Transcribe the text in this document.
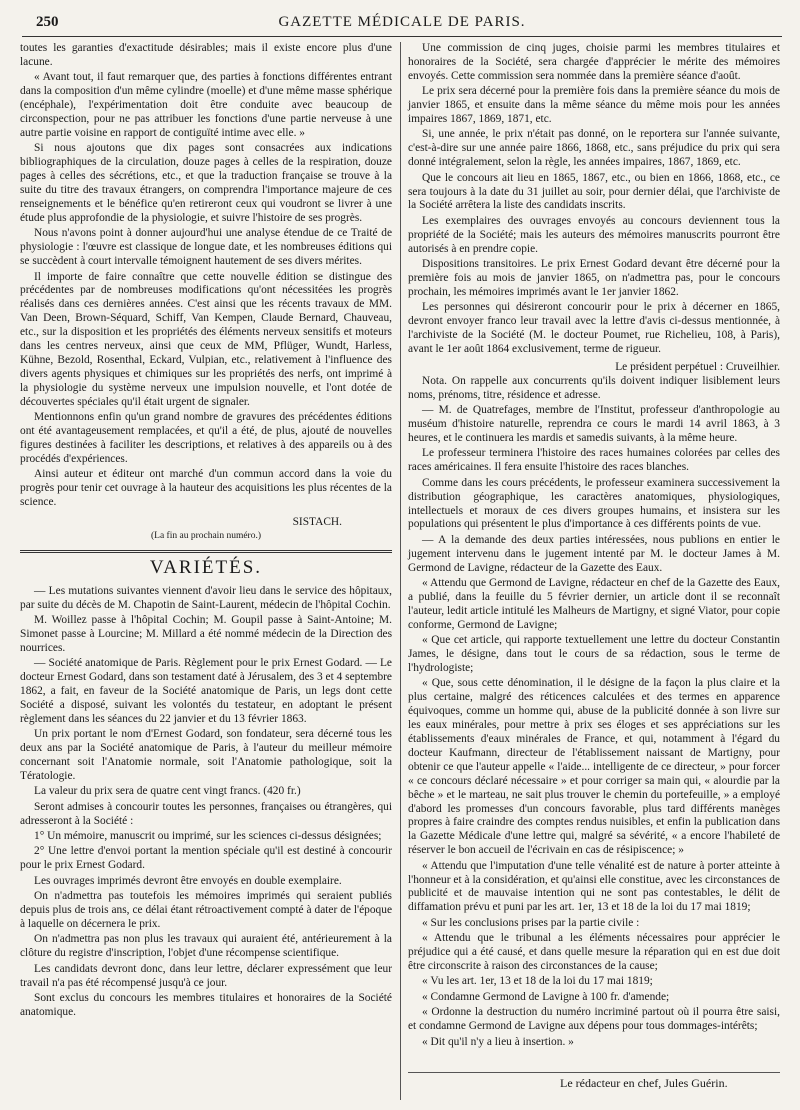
250	GAZETTE MÉDICALE DE PARIS.

toutes les garanties d'exactitude désirables; mais il existe encore plus d'une lacune.

« Avant tout, il faut remarquer que, des parties à fonctions différentes entrant dans la composition d'un même cylindre (moelle) et d'une même masse sphérique (encéphale), l'expérimentation doit être conduite avec beaucoup de circonspection, pour ne pas attribuer les fonctions d'une partie nerveuse à une autre partie voisine en rapport de contiguïté intime avec elle. »

Si nous ajoutons que dix pages sont consacrées aux indications bibliographiques de la circulation, douze pages à celles de la respiration, douze pages à celles des sécrétions, etc., et que la traduction française se trouve à la suite du titre des travaux étrangers, on comprendra l'importance majeure de ces renseignements et le bénéfice qu'en retireront ceux qui voudront se livrer à une étude plus approfondie de la physiologie, et suivre l'histoire de ses progrès.

Nous n'avons point à donner aujourd'hui une analyse étendue de ce Traité de physiologie : l'œuvre est classique de longue date, et les nombreuses éditions qui se succèdent à court intervalle témoignent hautement de ses divers mérites.

Il importe de faire connaître que cette nouvelle édition se distingue des précédentes par de nombreuses modifications qu'ont nécessitées les progrès réalisés dans ces dernières années. C'est ainsi que les récents travaux de MM. Van Deen, Brown-Séquard, Schiff, Van Kempen, Claude Bernard, Chauveau, etc., sur la disposition et les propriétés des éléments nerveux sensitifs et moteurs dans les centres nerveux, ainsi que ceux de MM, Pflüger, Wundt, Harless, Kühne, Bezold, Rosenthal, Eckard, Vulpian, etc., relativement à l'influence des divers agents physiques et chimiques sur les propriétés des nerfs, ont imprimé à la physiologie du système nerveux une impulsion nouvelle, et l'ont dotée de découvertes spéciales qu'il était urgent de signaler.

Mentionnons enfin qu'un grand nombre de gravures des précédentes éditions ont été avantageusement remplacées, et qu'il a été, de plus, ajouté de nouvelles figures destinées à faciliter les descriptions, et relatives à des appareils ou à des procédés d'expériences.

Ainsi auteur et éditeur ont marché d'un commun accord dans la voie du progrès pour tenir cet ouvrage à la hauteur des acquisitions les plus récentes de la science.

SISTACH.
(La fin au prochain numéro.)
VARIÉTÉS.

— Les mutations suivantes viennent d'avoir lieu dans le service des hôpitaux, par suite du décès de M. Chapotin de Saint-Laurent, médecin de l'hôpital Cochin.

M. Woillez passe à l'hôpital Cochin; M. Goupil passe à Saint-Antoine; M. Simonet passe à Lourcine; M. Millard a été nommé médecin de la Direction des nourrices.

— Société anatomique de Paris. Règlement pour le prix Ernest Godard. — Le docteur Ernest Godard, dans son testament daté à Jérusalem, des 3 et 4 septembre 1862, a fait, en faveur de la Société anatomique de Paris, un legs dont cette Société a disposé, suivant les volontés du testateur, en adoptant le présent règlement dans les séances du 22 janvier et du 13 février 1863.

Un prix portant le nom d'Ernest Godard, son fondateur, sera décerné tous les deux ans par la Société anatomique de Paris, à l'auteur du meilleur mémoire concernant soit l'Anatomie normale, soit l'Anatomie pathologique, soit la Tératologie.

La valeur du prix sera de quatre cent vingt francs. (420 fr.)

Seront admises à concourir toutes les personnes, françaises ou étrangères, qui adresseront à la Société :

1° Un mémoire, manuscrit ou imprimé, sur les sciences ci-dessus désignées;

2° Une lettre d'envoi portant la mention spéciale qu'il est destiné à concourir pour le prix Ernest Godard.

Les ouvrages imprimés devront être envoyés en double exemplaire.

On n'admettra pas toutefois les mémoires imprimés qui seraient publiés depuis plus de trois ans, ce délai étant rétroactivement compté à dater de l'époque à laquelle on décernera le prix.

On n'admettra pas non plus les travaux qui auraient été, antérieurement à la clôture du registre d'inscription, l'objet d'une récompense scientifique.

Les candidats devront donc, dans leur lettre, déclarer expressément que leur travail n'a pas été récompensé jusqu'à ce jour.

Sont exclus du concours les membres titulaires et honoraires de la Société anatomique.

Une commission de cinq juges, choisie parmi les membres titulaires et honoraires de la Société, sera chargée d'apprécier le mérite des mémoires envoyés. Cette commission sera nommée dans la première séance d'août.

Le prix sera décerné pour la première fois dans la première séance du mois de janvier 1865, et ensuite dans la même séance du même mois pour les années impaires 1867, 1869, 1871, etc.

Si, une année, le prix n'était pas donné, on le reporterа sur l'année suivante, c'est-à-dire sur une année paire 1866, 1868, etc., sans préjudice du prix qui sera donné intégralement, selon la règle, les années impaires, 1867, 1869, etc.

Que le concours ait lieu en 1865, 1867, etc., ou bien en 1866, 1868, etc., ce sera toujours à la date du 31 juillet au soir, pour dernier délai, que l'archiviste de la Société arrêtera la liste des candidats inscrits.

Les exemplaires des ouvrages envoyés au concours deviennent tous la propriété de la Société; mais les auteurs des mémoires manuscrits pourront être autorisés à en prendre copie.

Dispositions transitoires. Le prix Ernest Godard devant être décerné pour la première fois au mois de janvier 1865, on n'admettra pas, pour le concours prochain, les mémoires imprimés avant le 1er janvier 1862.

Les personnes qui désireront concourir pour le prix à décerner en 1865, devront envoyer franco leur travail avec la lettre d'avis ci-dessus mentionnée, à l'archiviste de la Société (M. le docteur Poumet, rue Richelieu, 108, à Paris), avant le 1er août 1864 exclusivement, terme de rigueur.

Le président perpétuel : Cruveilhier.

Nota. On rappelle aux concurrents qu'ils doivent indiquer lisiblement leurs noms, prénoms, titre, résidence et adresse.

— M. de Quatrefages, membre de l'Institut, professeur d'anthropologie au muséum d'histoire naturelle, reprendra ce cours le mardi 14 avril 1863, à 3 heures, et le continuera les mardis et samedis suivants, à la même heure.

Le professeur terminera l'histoire des races humaines colorées par celles des races américaines. Il fera ensuite l'histoire des races blanches.

Comme dans les cours précédents, le professeur examinera successivement la distribution géographique, les caractères anatomiques, physiologiques, intellectuels et moraux de ces divers groupes humains, et insistera sur les populations qui présentent le plus d'importance à ces différents points de vue.

— A la demande des deux parties intéressées, nous publions en entier le jugement intervenu dans le jugement intenté par M. le docteur James à M. Germond de Lavigne, rédacteur de la Gazette des Eaux.

« Attendu que Germond de Lavigne, rédacteur en chef de la Gazette des Eaux, a publié, dans la feuille du 5 février dernier, un article dont il se reconnaît l'auteur, ledit article intitulé les Malheurs de Martigny, et signé Viator, pour copie conforme, Germond de Lavigne;

« Que cet article, qui rapporte textuellement une lettre du docteur Constantin James, le désigne, dans tout le cours de sa rédaction, sous le terme de l'hydrologiste;

« Que, sous cette dénomination, il le désigne de la façon la plus claire et la plus certaine, malgré des réticences calculées et des termes en apparence équivoques, comme un homme qui, abuse de la publicité donnée à son livre sur les eaux minérales, pour mettre à prix ses éloges et ses appréciations sur les établissements d'eaux minérales de France, et qui, notamment à l'égard du docteur Kaufmann, directeur de l'établissement naissant de Martigny, pour obtenir ce que l'auteur appelle « l'aide... intelligente de ce directeur, » pour forcer « ce concours déclaré nécessaire » et pour corriger sa main qui, « alourdie par la bêche » et le marteau, ne sait plus trouver le chemin du portefeuille, » a employé d'abord les promesses d'un concours favorable, plus tard différents manèges propres à faire craindre des comptes rendus nuisibles, et enfin la publication dans la Gazette Médicale d'une lettre qui, malgré sa sévérité, « a encore l'habileté de réserver le bon accueil de l'écrivain en cas de résipiscence; »

« Attendu que l'imputation d'une telle vénalité est de nature à porter atteinte à l'honneur et à la considération, et qu'ainsi elle constitue, avec les circonstances de publicité et de mauvaise intention qui ne sont pas contestables, le délit de diffamation prévu et puni par les art. 1er, 13 et 18 de la loi du 17 mai 1819;

« Sur les conclusions prises par la partie civile :

« Attendu que le tribunal a les éléments nécessaires pour apprécier le préjudice qui a été causé, et dans quelle mesure la réparation qui en est due doit être circonscrite à raison des circonstances de la cause;

« Vu les art. 1er, 13 et 18 de la loi du 17 mai 1819;

« Condamne Germond de Lavigne à 100 fr. d'amende;

« Ordonne la destruction du numéro incriminé partout où il pourra être saisi, et condamne Germond de Lavigne aux dépens pour tous dommages-intérêts;

« Dit qu'il n'y a lieu à insertion. »

Le rédacteur en chef, Jules Guérin.
